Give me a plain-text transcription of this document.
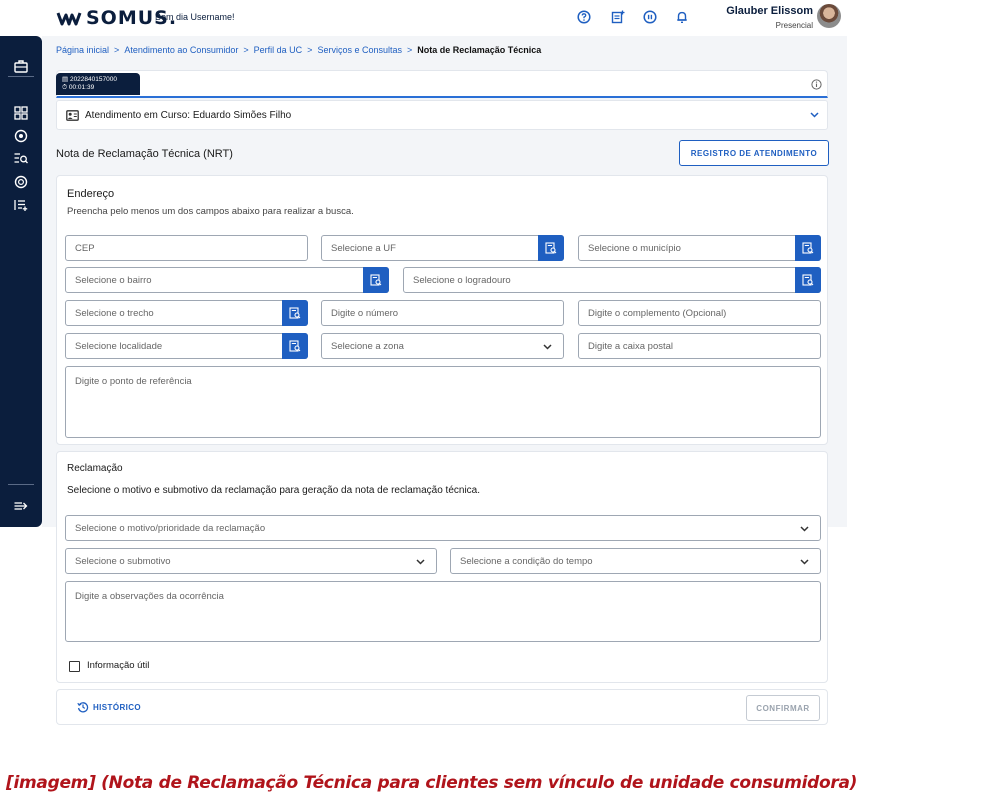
SOMUS.
Bom dia Username!	Glauber Elissom
Presencial
Página inicial > Atendimento ao Consumidor > Perfil da UC > Serviços e Consultas > Nota de Reclamação Técnica
▤ 2022840157000
⏱ 00:01:39
Atendimento em Curso: Eduardo Simões Filho
Nota de Reclamação Técnica (NRT)	REGISTRO DE ATENDIMENTO
Endereço
Preencha pelo menos um dos campos abaixo para realizar a busca.
CEP	Selecione a UF	Selecione o município
Selecione o bairro	Selecione o logradouro
Selecione o trecho	Digite o número	Digite o complemento (Opcional)
Selecione localidade	Selecione a zona	Digite a caixa postal
Digite o ponto de referência
Reclamação
Selecione o motivo e submotivo da reclamação para geração da nota de reclamação técnica.
Selecione o motivo/prioridade da reclamação
Selecione o submotivo	Selecione a condição do tempo
Digite a observações da ocorrência
Informação útil
HISTÓRICO	CONFIRMAR
[imagem] (Nota de Reclamação Técnica para clientes sem vínculo de unidade consumidora)
